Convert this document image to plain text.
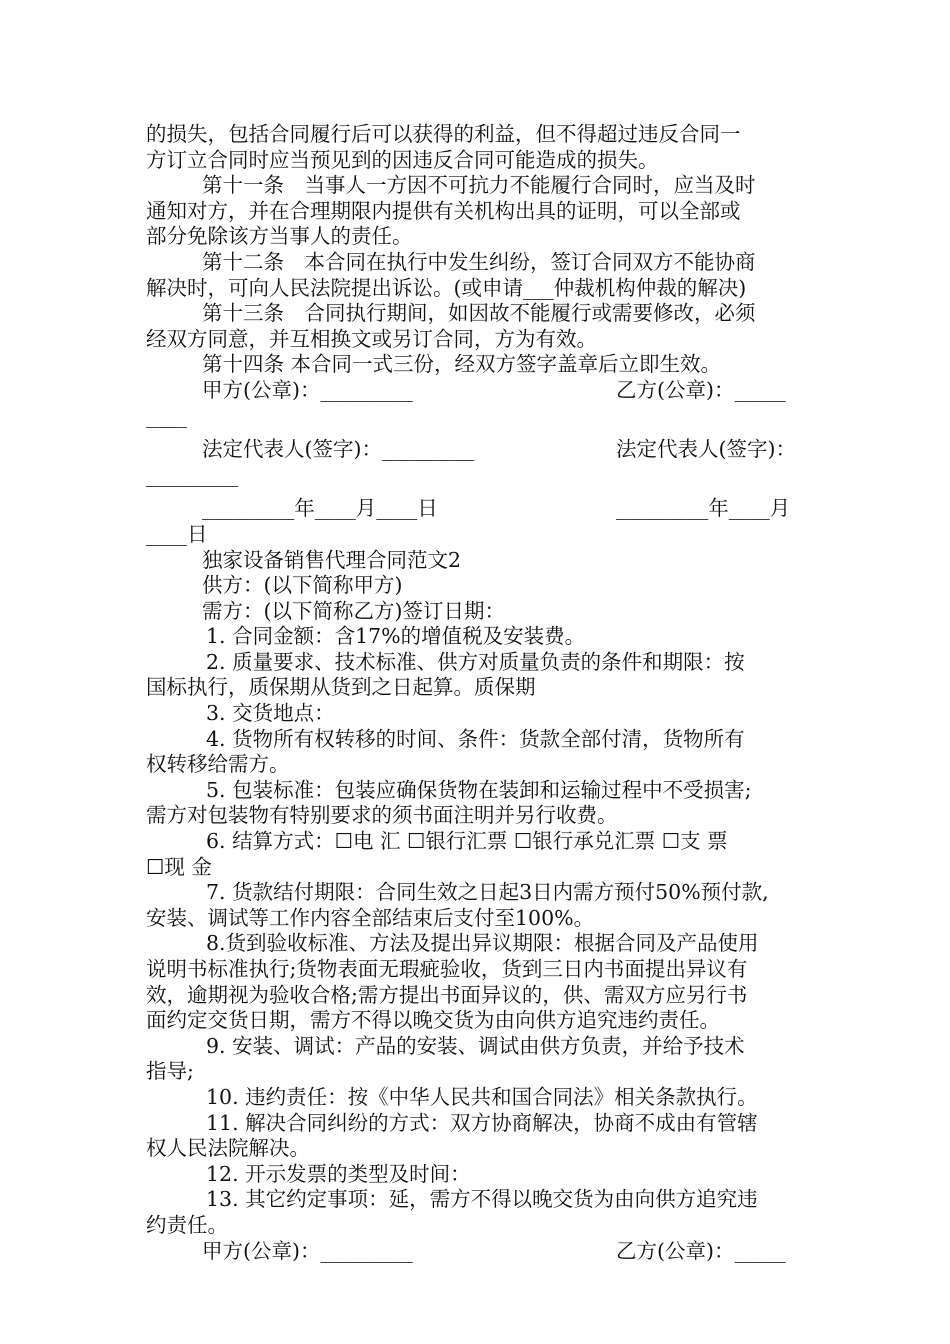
的损失，包括合同履行后可以获得的利益，但不得超过违反合同一
方订立合同时应当预见到的因违反合同可能造成的损失。
第十一条　当事人一方因不可抗力不能履行合同时，应当及时
通知对方，并在合理期限内提供有关机构出具的证明，可以全部或
部分免除该方当事人的责任。
第十二条　本合同在执行中发生纠纷，签订合同双方不能协商
解决时，可向人民法院提出诉讼。(或申请___仲裁机构仲裁的解决)
第十三条　合同执行期间，如因故不能履行或需要修改，必须
经双方同意，并互相换文或另订合同，方为有效。
第十四条 本合同一式三份，经双方签字盖章后立即生效。
甲方(公章)：_________	乙方(公章)：_____
____
法定代表人(签字)：_________	法定代表人(签字)：
_________
_________年____月____日	_________年____月
____日
独家设备销售代理合同范文2
供方：(以下简称甲方)
需方：(以下简称乙方)签订日期：
1. 合同金额：含17%的增值税及安装费。
2. 质量要求、技术标准、供方对质量负责的条件和期限：按
国标执行，质保期从货到之日起算。质保期
3. 交货地点：
4. 货物所有权转移的时间、条件：货款全部付清，货物所有
权转移给需方。
5. 包装标准：包装应确保货物在装卸和运输过程中不受损害;
需方对包装物有特别要求的须书面注明并另行收费。
6. 结算方式：☐电 汇 ☐银行汇票 ☐银行承兑汇票 ☐支 票
☐现 金
7. 货款结付期限：合同生效之日起3日内需方预付50%预付款,
安装、调试等工作内容全部结束后支付至100%。
8.货到验收标准、方法及提出异议期限：根据合同及产品使用
说明书标准执行;货物表面无瑕疵验收，货到三日内书面提出异议有
效，逾期视为验收合格;需方提出书面异议的，供、需双方应另行书
面约定交货日期，需方不得以晚交货为由向供方追究违约责任。
9. 安装、调试：产品的安装、调试由供方负责，并给予技术
指导;
10. 违约责任：按《中华人民共和国合同法》相关条款执行。
11. 解决合同纠纷的方式：双方协商解决，协商不成由有管辖
权人民法院解决。
12. 开示发票的类型及时间：
13. 其它约定事项：延，需方不得以晚交货为由向供方追究违
约责任。
甲方(公章)：_________	乙方(公章)：_____
